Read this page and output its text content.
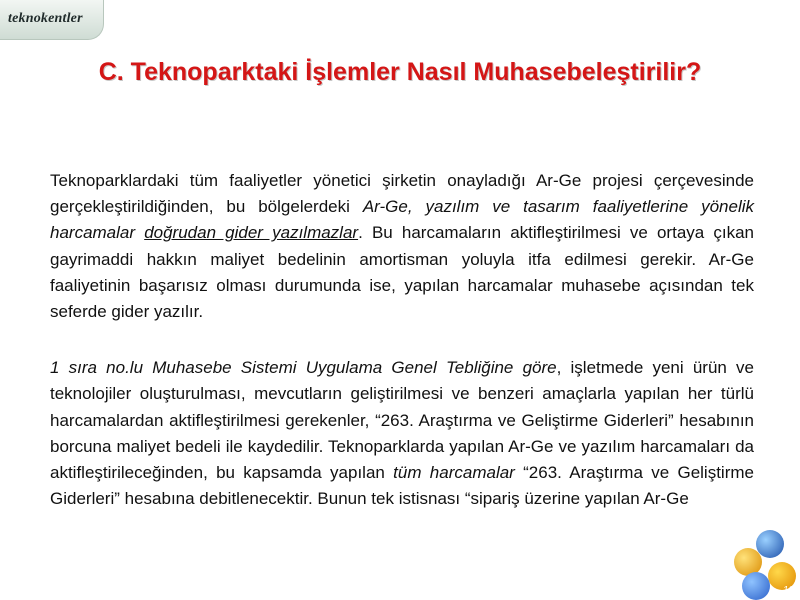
teknokentler
C. Teknoparktaki İşlemler Nasıl Muhasebeleştirilir?

Teknoparklardaki tüm faaliyetler yönetici şirketin onayladığı Ar-Ge projesi çerçevesinde gerçekleştirildiğinden, bu bölgelerdeki Ar-Ge, yazılım ve tasarım faaliyetlerine yönelik harcamalar doğrudan gider yazılmazlar. Bu harcamaların aktifleştirilmesi ve ortaya çıkan gayrimaddi hakkın maliyet bedelinin amortisman yoluyla itfa edilmesi gerekir. Ar-Ge faaliyetinin başarısız olması durumunda ise, yapılan harcamalar muhasebe açısından tek seferde gider yazılır.

1 sıra no.lu Muhasebe Sistemi Uygulama Genel Tebliğine göre, işletmede yeni ürün ve teknolojiler oluşturulması, mevcutların geliştirilmesi ve benzeri amaçlarla yapılan her türlü harcamalardan aktifleştirilmesi gerekenler, “263. Araştırma ve Geliştirme Giderleri” hesabının borcuna maliyet bedeli ile kaydedilir. Teknoparklarda yapılan Ar-Ge ve yazılım harcamaları da aktifleştirileceğinden, bu kapsamda yapılan tüm harcamalar “263. Araştırma ve Geliştirme Giderleri” hesabına debitlenecektir. Bunun tek istisnası “sipariş üzerine yapılan Ar-Ge

10
